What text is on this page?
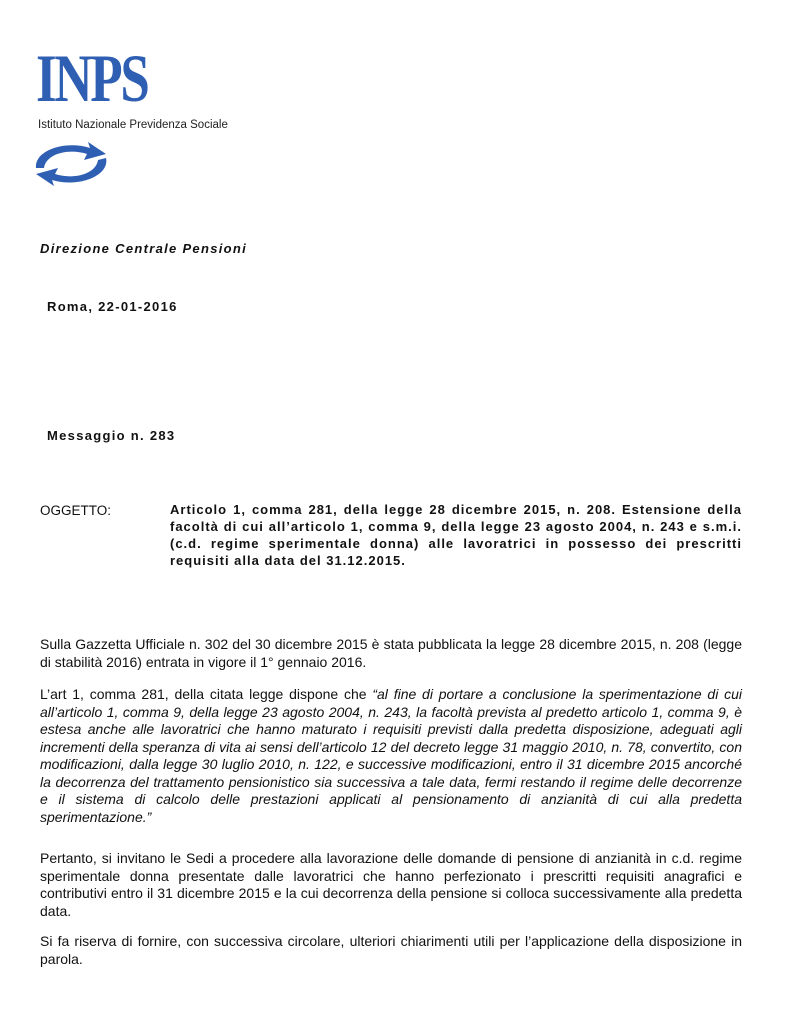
INPS
Istituto Nazionale Previdenza Sociale
Direzione Centrale Pensioni
Roma, 22-01-2016
Messaggio n. 283
OGGETTO:	Articolo 1, comma 281, della legge 28 dicembre 2015, n. 208. Estensione della facoltà di cui all’articolo 1, comma 9, della legge 23 agosto 2004, n. 243 e s.m.i. (c.d. regime sperimentale donna) alle lavoratrici in possesso dei prescritti requisiti alla data del 31.12.2015.
Sulla Gazzetta Ufficiale n. 302 del 30 dicembre 2015 è stata pubblicata la legge 28 dicembre 2015, n. 208 (legge di stabilità 2016) entrata in vigore il 1° gennaio 2016.
L’art 1, comma 281, della citata legge dispone che “al fine di portare a conclusione la sperimentazione di cui all’articolo 1, comma 9, della legge 23 agosto 2004, n. 243, la facoltà prevista al predetto articolo 1, comma 9, è estesa anche alle lavoratrici che hanno maturato i requisiti previsti dalla predetta disposizione, adeguati agli incrementi della speranza di vita ai sensi dell’articolo 12 del decreto legge 31 maggio 2010, n. 78, convertito, con modificazioni, dalla legge 30 luglio 2010, n. 122, e successive modificazioni, entro il 31 dicembre 2015 ancorché la decorrenza del trattamento pensionistico sia successiva a tale data, fermi restando il regime delle decorrenze e il sistema di calcolo delle prestazioni applicati al pensionamento di anzianità di cui alla predetta sperimentazione.”
Pertanto, si invitano le Sedi a procedere alla lavorazione delle domande di pensione di anzianità in c.d. regime sperimentale donna presentate dalle lavoratrici che hanno perfezionato i prescritti requisiti anagrafici e contributivi entro il 31 dicembre 2015 e la cui decorrenza della pensione si colloca successivamente alla predetta data.
Si fa riserva di fornire, con successiva circolare, ulteriori chiarimenti utili per l’applicazione della disposizione in parola.
